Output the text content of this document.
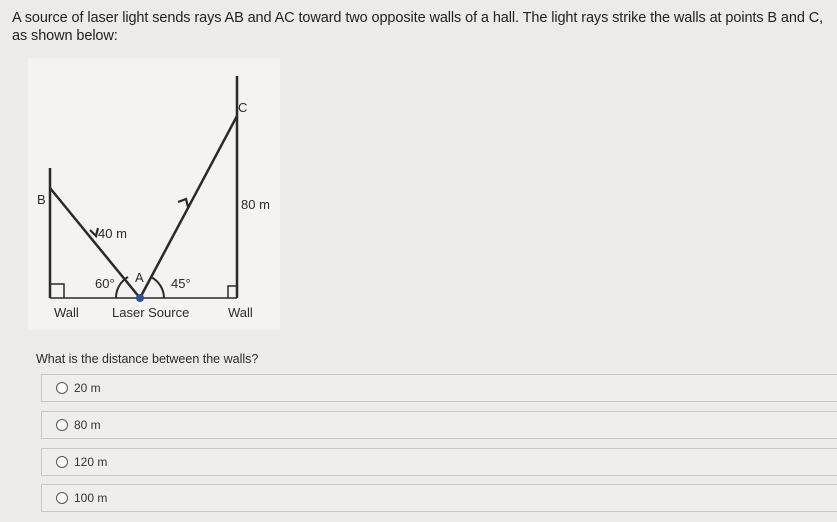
A source of laser light sends rays AB and AC toward two opposite walls of a hall. The light rays strike the walls at points B and C, as shown below:
C
B
40 m
80 m
60° A 45°
Wall	Laser Source	Wall
What is the distance between the walls?
20 m
80 m
120 m
100 m
